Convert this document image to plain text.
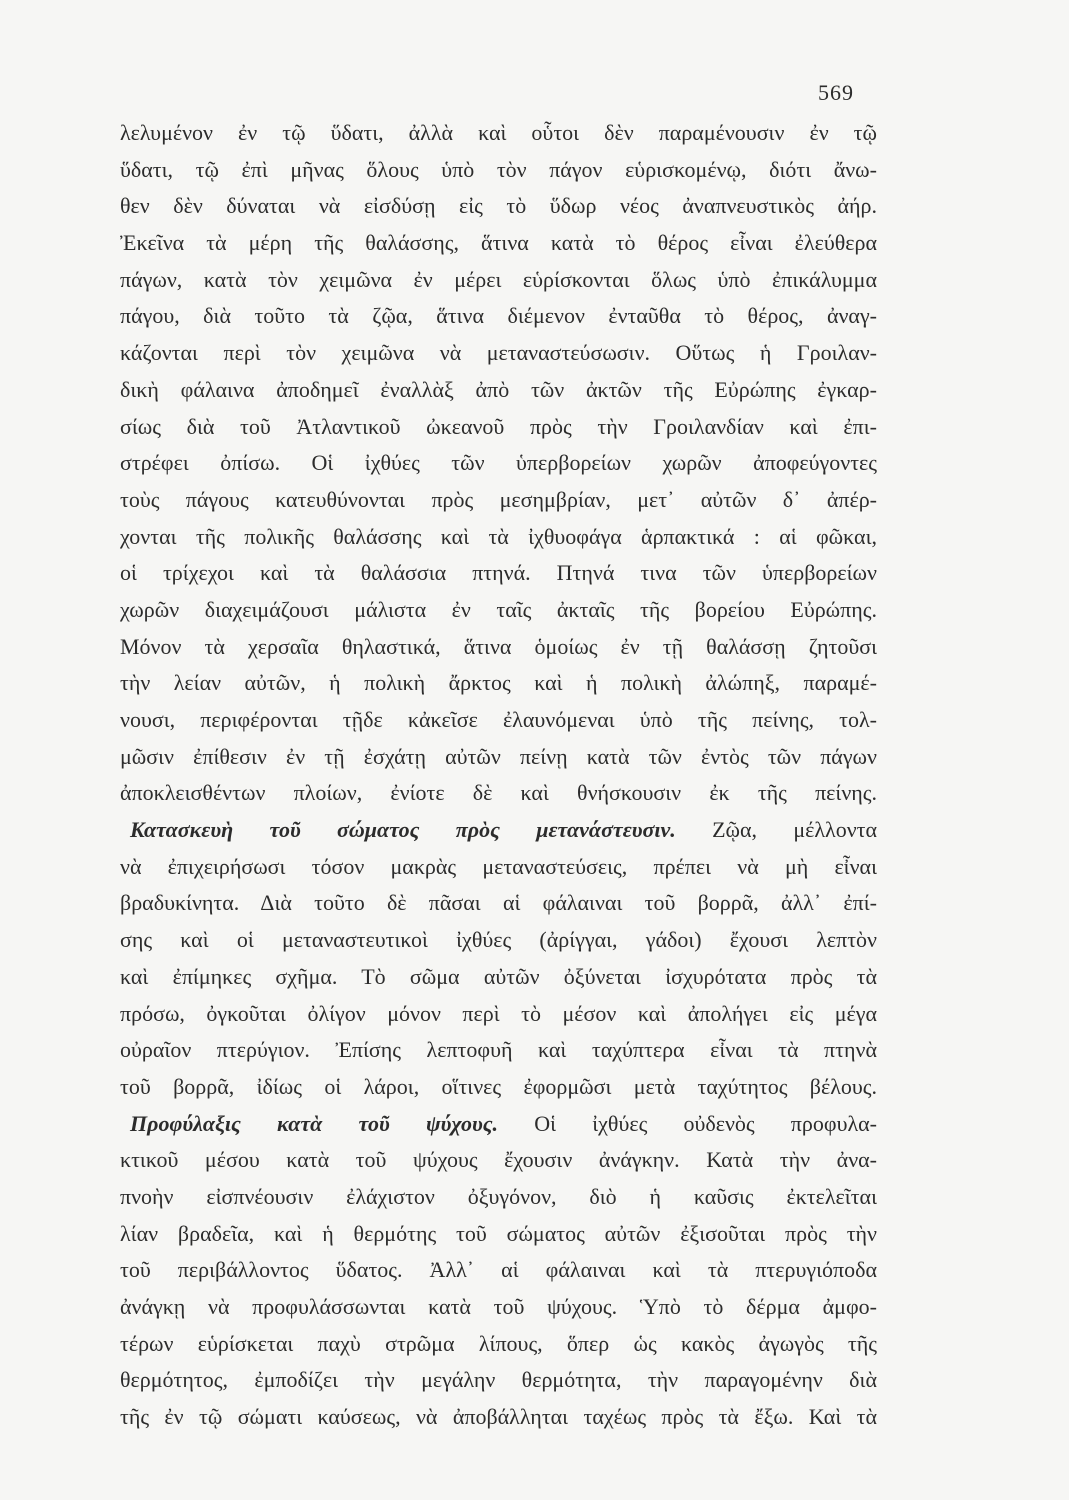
569
λελυμένον ἐν τῷ ὕδατι, ἀλλὰ καὶ οὗτοι δὲν παραμένουσιν ἐν τῷ
ὕδατι, τῷ ἐπὶ μῆνας ὅλους ὑπὸ τὸν πάγον εὑρισκομένῳ, διότι ἄνω-
θεν δὲν δύναται νὰ εἰσδύσῃ εἰς τὸ ὕδωρ νέος ἀναπνευστικὸς ἀήρ.
Ἐκεῖνα τὰ μέρη τῆς θαλάσσης, ἅτινα κατὰ τὸ θέρος εἶναι ἐλεύθερα
πάγων, κατὰ τὸν χειμῶνα ἐν μέρει εὑρίσκονται ὅλως ὑπὸ ἐπικάλυμμα
πάγου, διὰ τοῦτο τὰ ζῷα, ἅτινα διέμενον ἐνταῦθα τὸ θέρος, ἀναγ-
κάζονται περὶ τὸν χειμῶνα νὰ μεταναστεύσωσιν. Οὕτως ἡ Γροιλαν-
δικὴ φάλαινα ἀποδημεῖ ἐναλλὰξ ἀπὸ τῶν ἀκτῶν τῆς Εὐρώπης ἐγκαρ-
σίως διὰ τοῦ Ἀτλαντικοῦ ὠκεανοῦ πρὸς τὴν Γροιλανδίαν καὶ ἐπι-
στρέφει ὀπίσω. Οἱ ἰχθύες τῶν ὑπερβορείων χωρῶν ἀποφεύγοντες
τοὺς πάγους κατευθύνονται πρὸς μεσημβρίαν, μετ᾽ αὐτῶν δ᾽ ἀπέρ-
χονται τῆς πολικῆς θαλάσσης καὶ τὰ ἰχθυοφάγα ἁρπακτικά : αἱ φῶκαι,
οἱ τρίχεχοι καὶ τὰ θαλάσσια πτηνά. Πτηνά τινα τῶν ὑπερβορείων
χωρῶν διαχειμάζουσι μάλιστα ἐν ταῖς ἀκταῖς τῆς βορείου Εὐρώπης.
Μόνον τὰ χερσαῖα θηλαστικά, ἅτινα ὁμοίως ἐν τῇ θαλάσσῃ ζητοῦσι
τὴν λείαν αὐτῶν, ἡ πολικὴ ἄρκτος καὶ ἡ πολικὴ ἀλώπηξ, παραμέ-
νουσι, περιφέρονται τῇδε κἀκεῖσε ἐλαυνόμεναι ὑπὸ τῆς πείνης, τολ-
μῶσιν ἐπίθεσιν ἐν τῇ ἐσχάτῃ αὐτῶν πείνῃ κατὰ τῶν ἐντὸς τῶν πάγων
ἀποκλεισθέντων πλοίων, ἐνίοτε δὲ καὶ θνήσκουσιν ἐκ τῆς πείνης.
Κατασκευὴ τοῦ σώματος πρὸς μετανάστευσιν. Ζῷα, μέλλοντα
νὰ ἐπιχειρήσωσι τόσον μακρὰς μεταναστεύσεις, πρέπει νὰ μὴ εἶναι
βραδυκίνητα. Διὰ τοῦτο δὲ πᾶσαι αἱ φάλαιναι τοῦ βορρᾶ, ἀλλ᾽ ἐπί-
σης καὶ οἱ μεταναστευτικοὶ ἰχθύες (ἀρίγγαι, γάδοι) ἔχουσι λεπτὸν
καὶ ἐπίμηκες σχῆμα. Τὸ σῶμα αὐτῶν ὀξύνεται ἰσχυρότατα πρὸς τὰ
πρόσω, ὀγκοῦται ὀλίγον μόνον περὶ τὸ μέσον καὶ ἀπολήγει εἰς μέγα
οὐραῖον πτερύγιον. Ἐπίσης λεπτοφυῆ καὶ ταχύπτερα εἶναι τὰ πτηνὰ
τοῦ βορρᾶ, ἰδίως οἱ λάροι, οἵτινες ἐφορμῶσι μετὰ ταχύτητος βέλους.
Προφύλαξις κατὰ τοῦ ψύχους. Οἱ ἰχθύες οὐδενὸς προφυλα-
κτικοῦ μέσου κατὰ τοῦ ψύχους ἔχουσιν ἀνάγκην. Κατὰ τὴν ἀνα-
πνοὴν εἰσπνέουσιν ἐλάχιστον ὀξυγόνον, διὸ ἡ καῦσις ἐκτελεῖται
λίαν βραδεῖα, καὶ ἡ θερμότης τοῦ σώματος αὐτῶν ἐξισοῦται πρὸς τὴν
τοῦ περιβάλλοντος ὕδατος. Ἀλλ᾽ αἱ φάλαιναι καὶ τὰ πτερυγιόποδα
ἀνάγκῃ νὰ προφυλάσσωνται κατὰ τοῦ ψύχους. Ὑπὸ τὸ δέρμα ἀμφο-
τέρων εὑρίσκεται παχὺ στρῶμα λίπους, ὅπερ ὡς κακὸς ἀγωγὸς τῆς
θερμότητος, ἐμποδίζει τὴν μεγάλην θερμότητα, τὴν παραγομένην διὰ
τῆς ἐν τῷ σώματι καύσεως, νὰ ἀποβάλληται ταχέως πρὸς τὰ ἔξω. Καὶ τὰ
